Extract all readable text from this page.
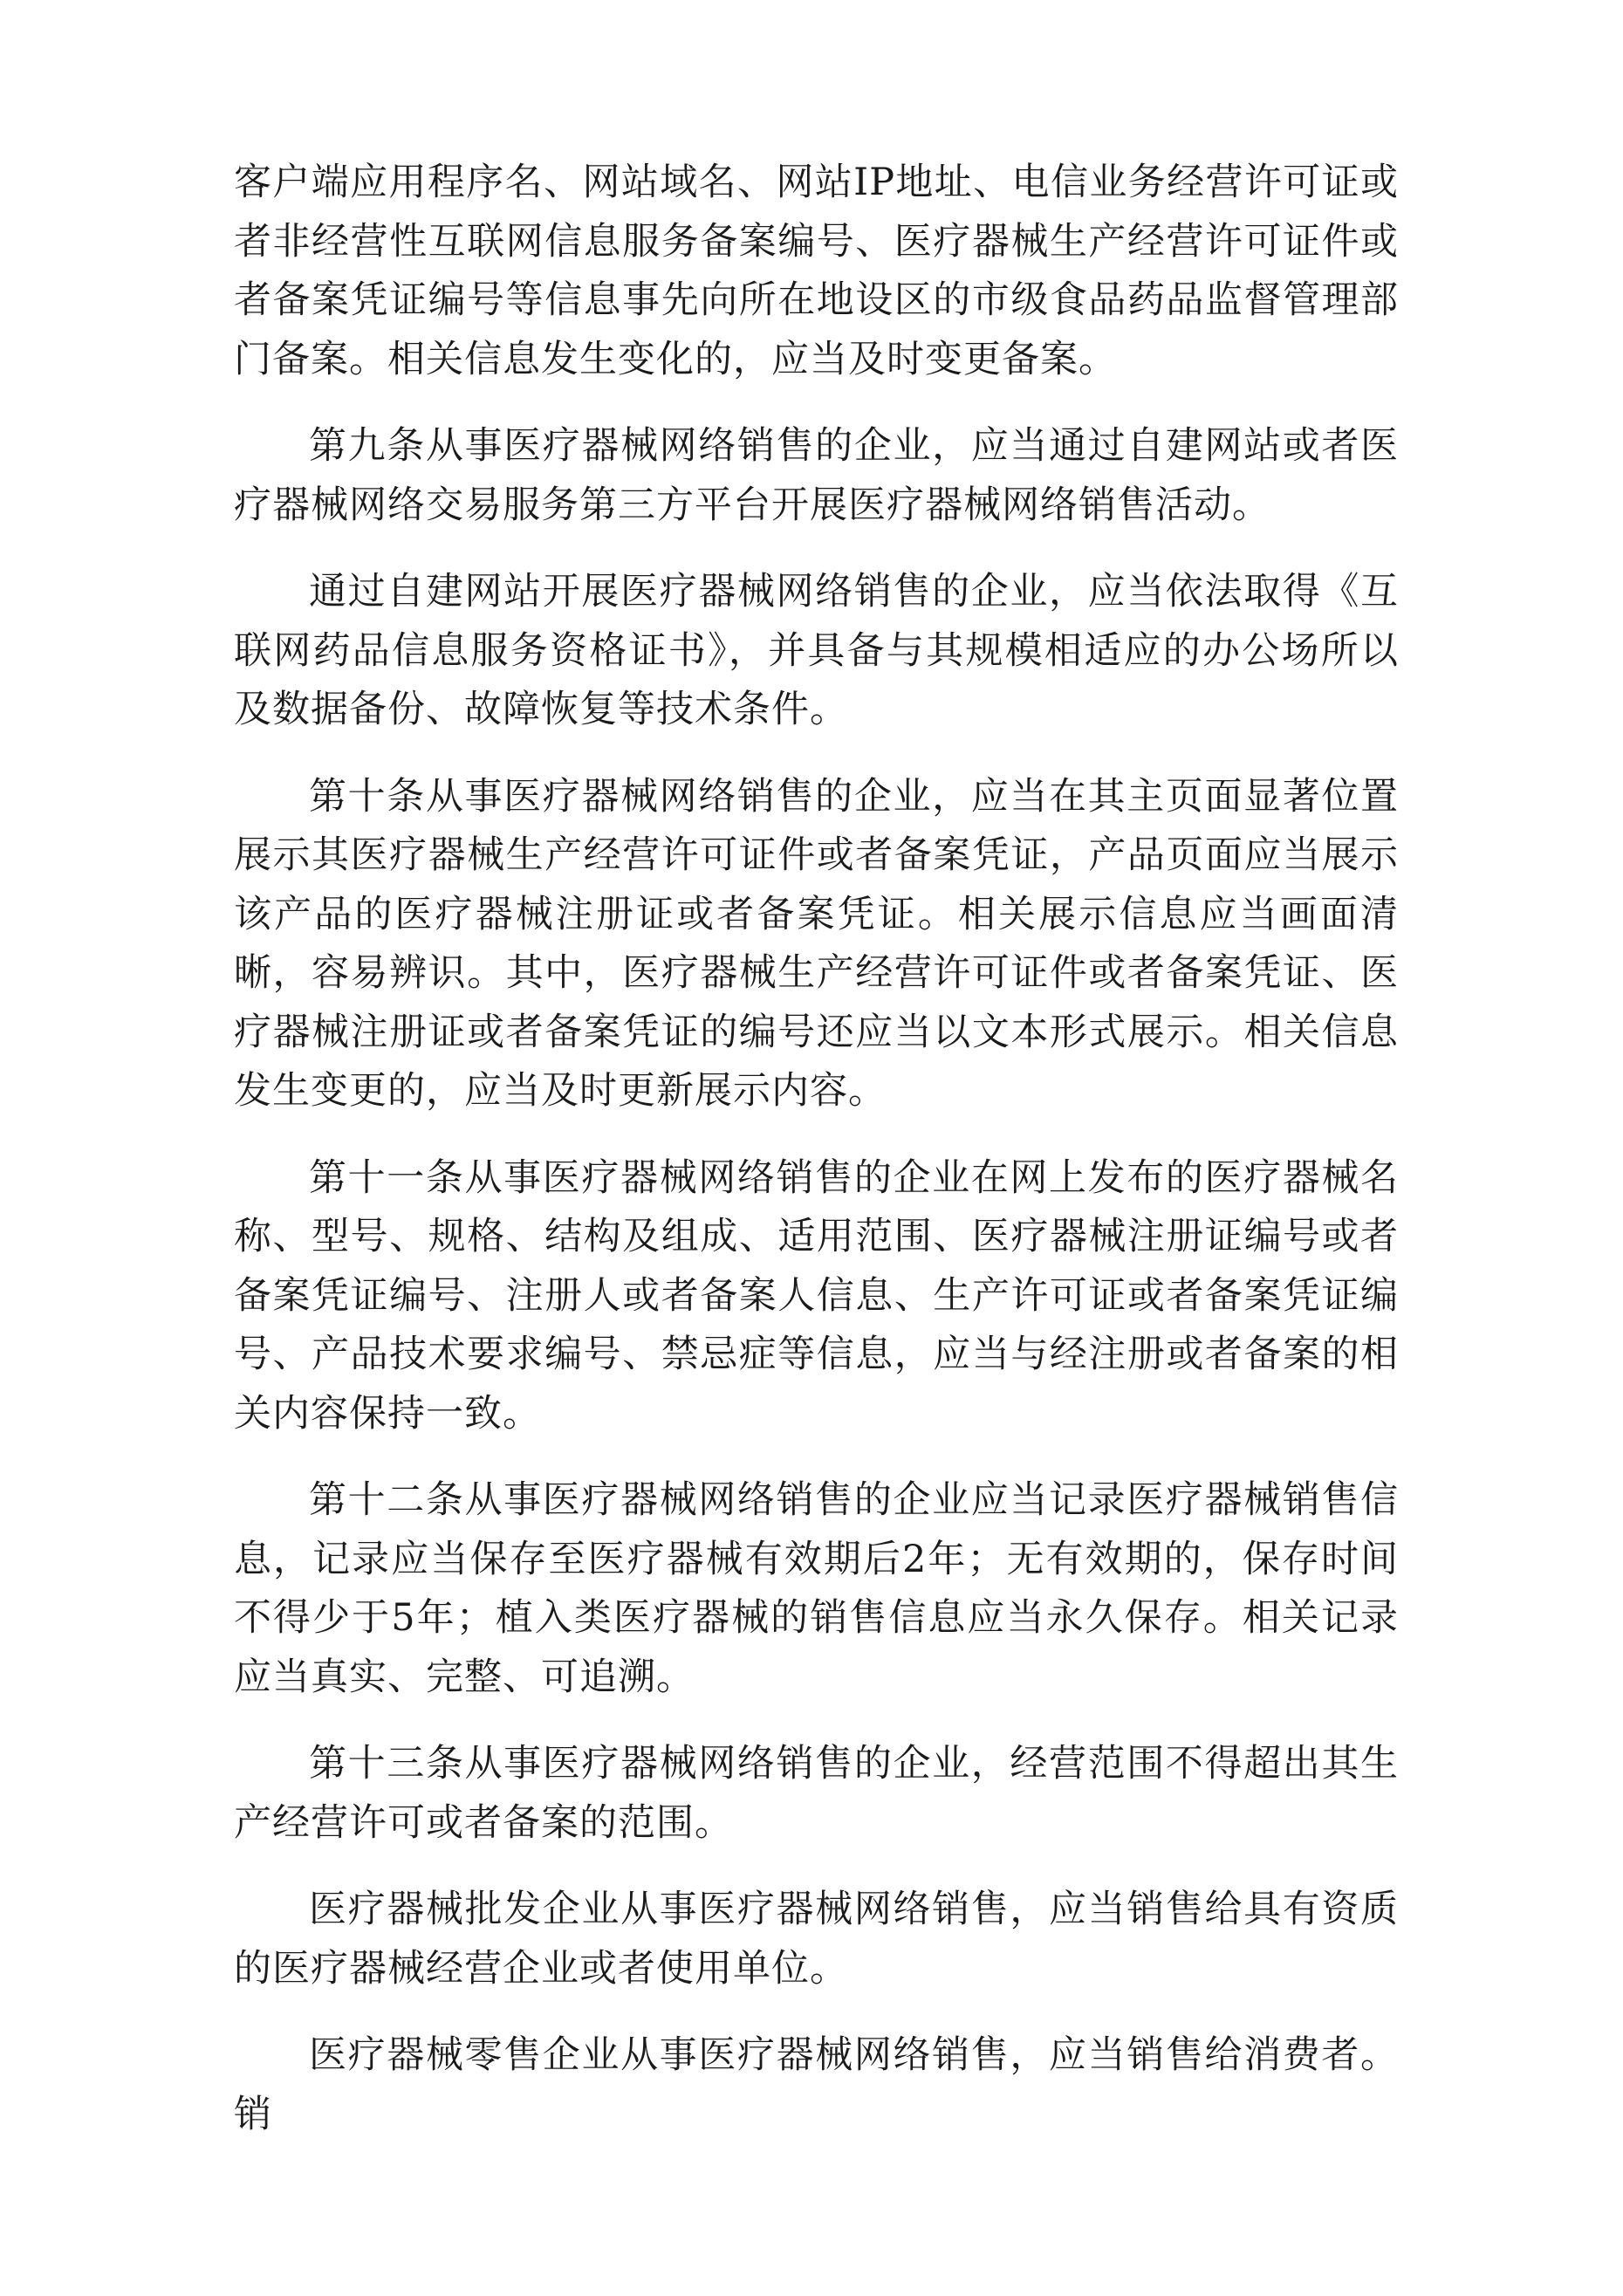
客户端应用程序名、网站域名、网站IP地址、电信业务经营许可证或者非经营性互联网信息服务备案编号、医疗器械生产经营许可证件或者备案凭证编号等信息事先向所在地设区的市级食品药品监督管理部门备案。相关信息发生变化的，应当及时变更备案。

第九条从事医疗器械网络销售的企业，应当通过自建网站或者医疗器械网络交易服务第三方平台开展医疗器械网络销售活动。

通过自建网站开展医疗器械网络销售的企业，应当依法取得《互联网药品信息服务资格证书》，并具备与其规模相适应的办公场所以及数据备份、故障恢复等技术条件。

第十条从事医疗器械网络销售的企业，应当在其主页面显著位置展示其医疗器械生产经营许可证件或者备案凭证，产品页面应当展示该产品的医疗器械注册证或者备案凭证。相关展示信息应当画面清晰，容易辨识。其中，医疗器械生产经营许可证件或者备案凭证、医疗器械注册证或者备案凭证的编号还应当以文本形式展示。相关信息发生变更的，应当及时更新展示内容。

第十一条从事医疗器械网络销售的企业在网上发布的医疗器械名称、型号、规格、结构及组成、适用范围、医疗器械注册证编号或者备案凭证编号、注册人或者备案人信息、生产许可证或者备案凭证编号、产品技术要求编号、禁忌症等信息，应当与经注册或者备案的相关内容保持一致。

第十二条从事医疗器械网络销售的企业应当记录医疗器械销售信息，记录应当保存至医疗器械有效期后2年；无有效期的，保存时间不得少于5年；植入类医疗器械的销售信息应当永久保存。相关记录应当真实、完整、可追溯。

第十三条从事医疗器械网络销售的企业，经营范围不得超出其生产经营许可或者备案的范围。

医疗器械批发企业从事医疗器械网络销售，应当销售给具有资质的医疗器械经营企业或者使用单位。

医疗器械零售企业从事医疗器械网络销售，应当销售给消费者。销
